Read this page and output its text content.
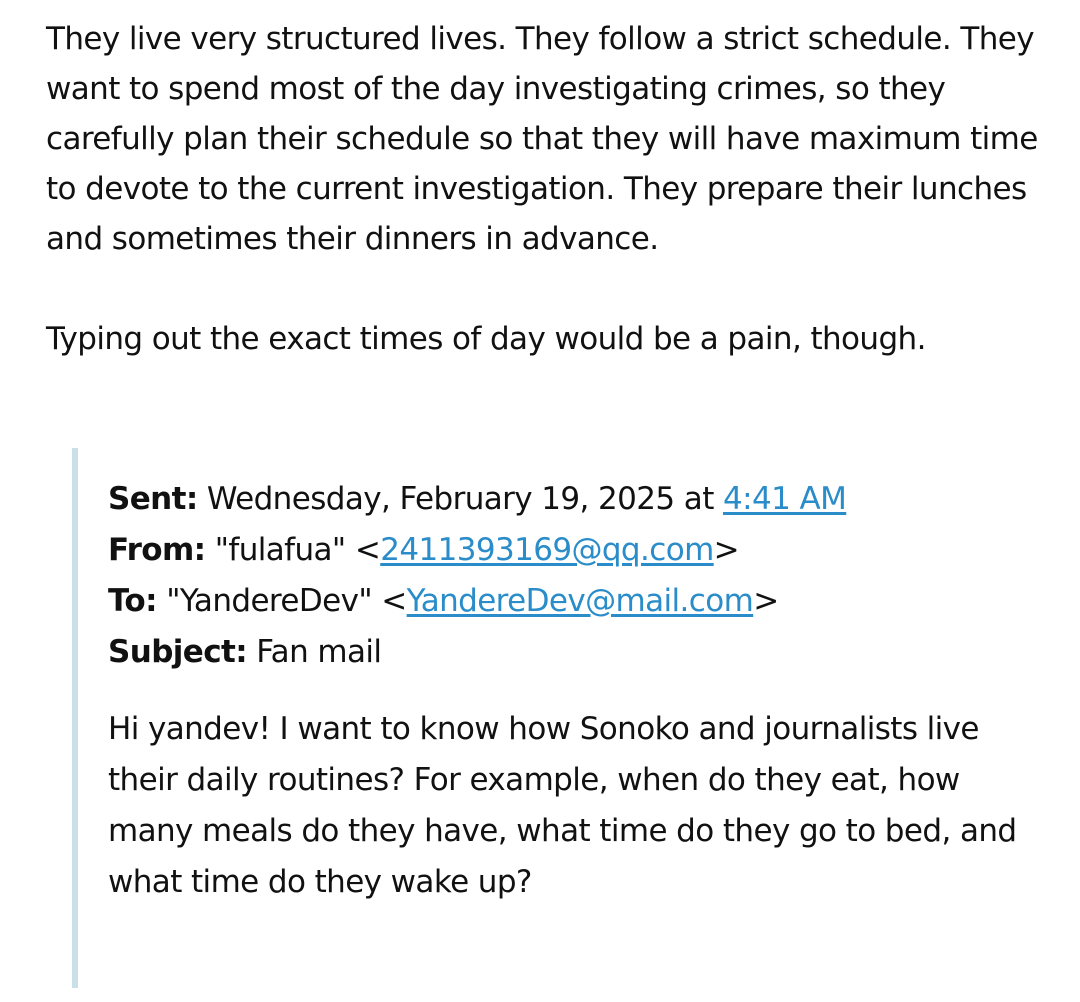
They live very structured lives. They follow a strict schedule. They want to spend most of the day investigating crimes, so they carefully plan their schedule so that they will have maximum time to devote to the current investigation. They prepare their lunches and sometimes their dinners in advance.

Typing out the exact times of day would be a pain, though.

Sent: Wednesday, February 19, 2025 at 4:41 AM
From: "fulafua" <2411393169@qq.com>
To: "YandereDev" <YandereDev@mail.com>
Subject: Fan mail

Hi yandev! I want to know how Sonoko and journalists live their daily routines? For example, when do they eat, how many meals do they have, what time do they go to bed, and what time do they wake up?
